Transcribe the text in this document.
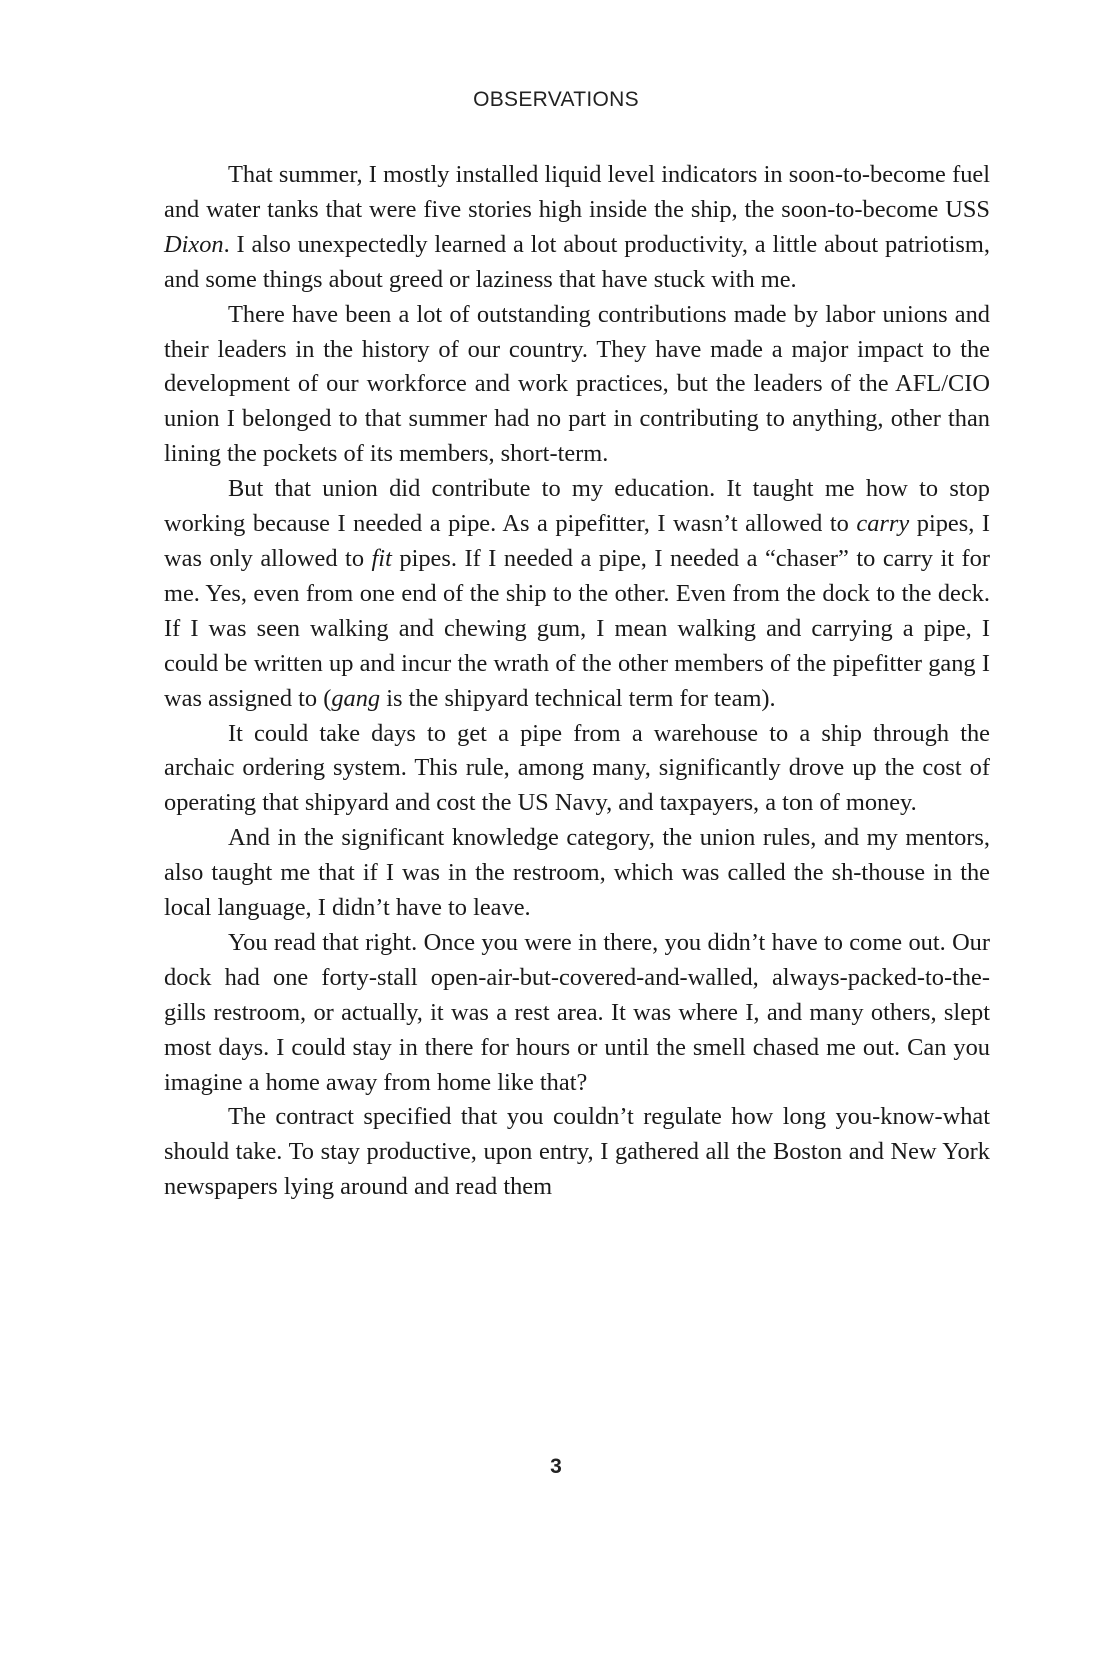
OBSERVATIONS

That summer, I mostly installed liquid level indicators in soon-to-become fuel and water tanks that were five stories high inside the ship, the soon-to-become USS Dixon. I also unexpectedly learned a lot about productivity, a little about patriotism, and some things about greed or laziness that have stuck with me.

There have been a lot of outstanding contributions made by labor unions and their leaders in the history of our country. They have made a major impact to the development of our workforce and work practices, but the leaders of the AFL/CIO union I belonged to that summer had no part in contributing to anything, other than lining the pockets of its members, short-term.

But that union did contribute to my education. It taught me how to stop working because I needed a pipe. As a pipefitter, I wasn’t allowed to carry pipes, I was only allowed to fit pipes. If I needed a pipe, I needed a “chaser” to carry it for me. Yes, even from one end of the ship to the other. Even from the dock to the deck. If I was seen walking and chewing gum, I mean walking and carrying a pipe, I could be written up and incur the wrath of the other members of the pipefitter gang I was assigned to (gang is the shipyard technical term for team).

It could take days to get a pipe from a warehouse to a ship through the archaic ordering system. This rule, among many, significantly drove up the cost of operating that shipyard and cost the US Navy, and taxpayers, a ton of money.

And in the significant knowledge category, the union rules, and my mentors, also taught me that if I was in the restroom, which was called the sh-thouse in the local language, I didn’t have to leave.

You read that right. Once you were in there, you didn’t have to come out. Our dock had one forty-stall open-air-but-covered-and-walled, always-packed-to-the-gills restroom, or actually, it was a rest area. It was where I, and many others, slept most days. I could stay in there for hours or until the smell chased me out. Can you imagine a home away from home like that?

The contract specified that you couldn’t regulate how long you-know-what should take. To stay productive, upon entry, I gathered all the Boston and New York newspapers lying around and read them

3
